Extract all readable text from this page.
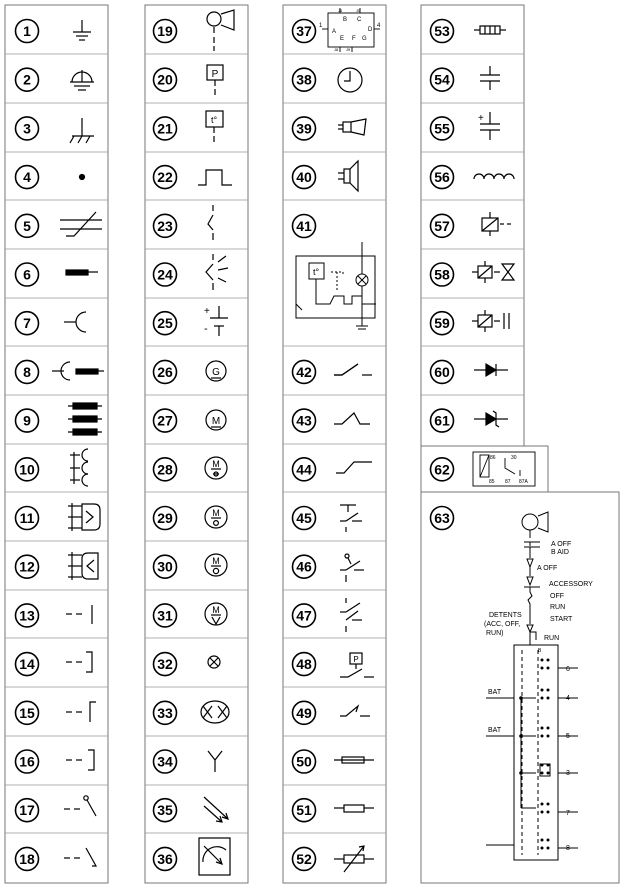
1
2
3
4
5
6
7
8
9
10
11
12
13
14
15
16
17
18
19
20
21
22
23
24
25
26
27
28
29
30
31
32
33
34
35
36
37
38
39
40
41
42
43
44
45
46
47
48
49
50
51
52
53
54
55
56
57
58
59
60
61
62
63
P
t°
+
-
G
M
M
M
M
M
1	4
A
B C
D
E F G
J6	J5
J8 J9
t°
P
+
86	30
85 87 87A
A OFF
B AID
A OFF
ACCESSORY
OFF
RUN
START
DETENTS
(ACC, OFF,
RUN)
RUN
B
BAT
BAT
6
4
5
3
7
8
